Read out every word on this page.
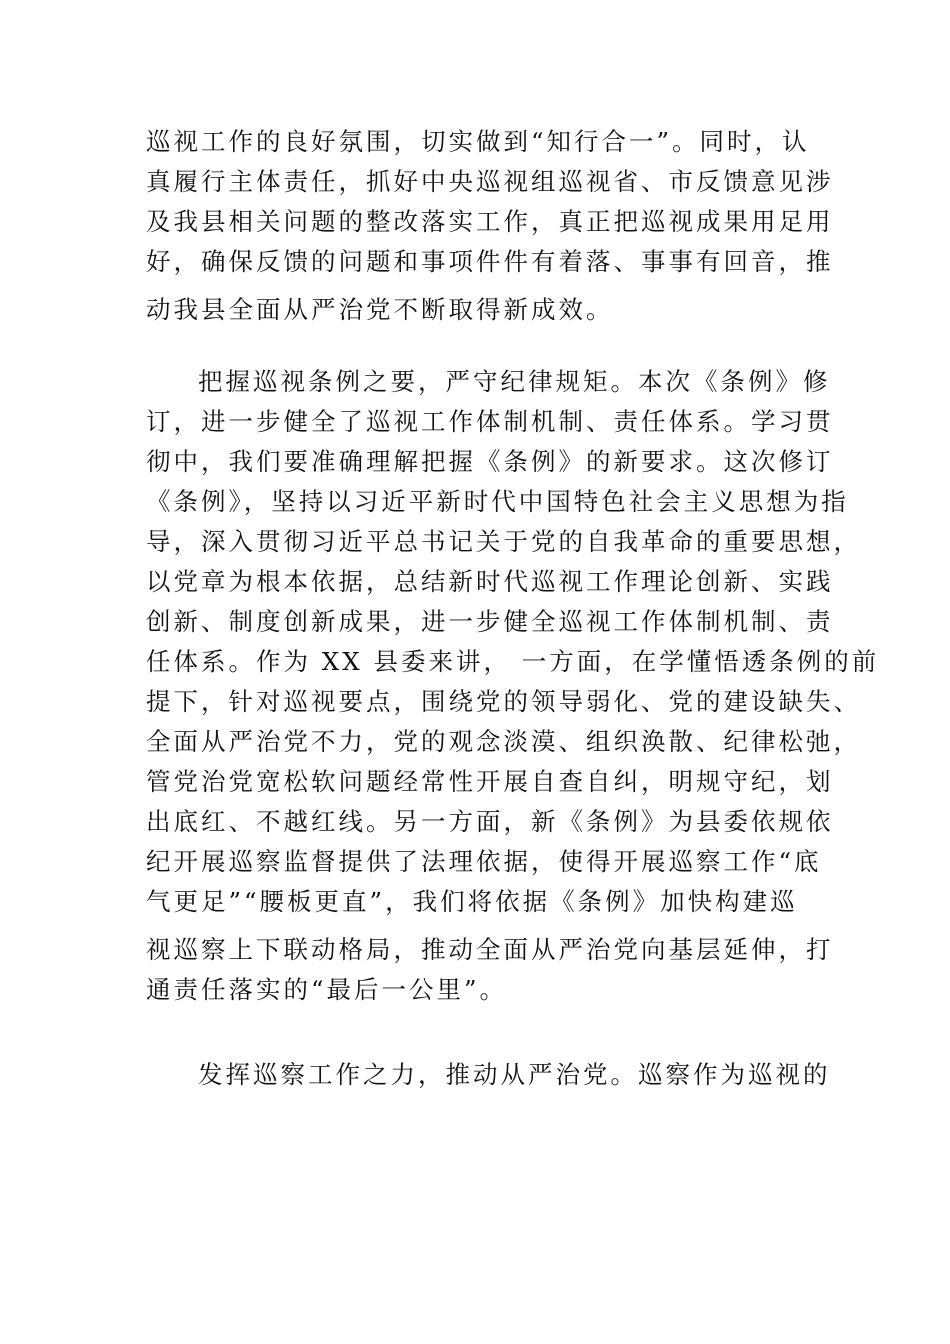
巡视工作的良好氛围，切实做到“知行合一”。同时，认
真履行主体责任，抓好中央巡视组巡视省、市反馈意见涉
及我县相关问题的整改落实工作，真正把巡视成果用足用
好，确保反馈的问题和事项件件有着落、事事有回音，推
动我县全面从严治党不断取得新成效。
把握巡视条例之要，严守纪律规矩。本次《条例》修
订，进一步健全了巡视工作体制机制、责任体系。学习贯
彻中，我们要准确理解把握《条例》的新要求。这次修订
《条例》，坚持以习近平新时代中国特色社会主义思想为指
导，深入贯彻习近平总书记关于党的自我革命的重要思想，
以党章为根本依据，总结新时代巡视工作理论创新、实践
创新、制度创新成果，进一步健全巡视工作体制机制、责
任体系。作为 XX 县委来讲， 一方面，在学懂悟透条例的前
提下，针对巡视要点，围绕党的领导弱化、党的建设缺失、
全面从严治党不力，党的观念淡漠、组织涣散、纪律松弛，
管党治党宽松软问题经常性开展自查自纠，明规守纪，划
出底红、不越红线。另一方面，新《条例》为县委依规依
纪开展巡察监督提供了法理依据，使得开展巡察工作“底
气更足”“腰板更直”，我们将依据《条例》加快构建巡
视巡察上下联动格局，推动全面从严治党向基层延伸，打
通责任落实的“最后一公里”。
发挥巡察工作之力，推动从严治党。巡察作为巡视的
